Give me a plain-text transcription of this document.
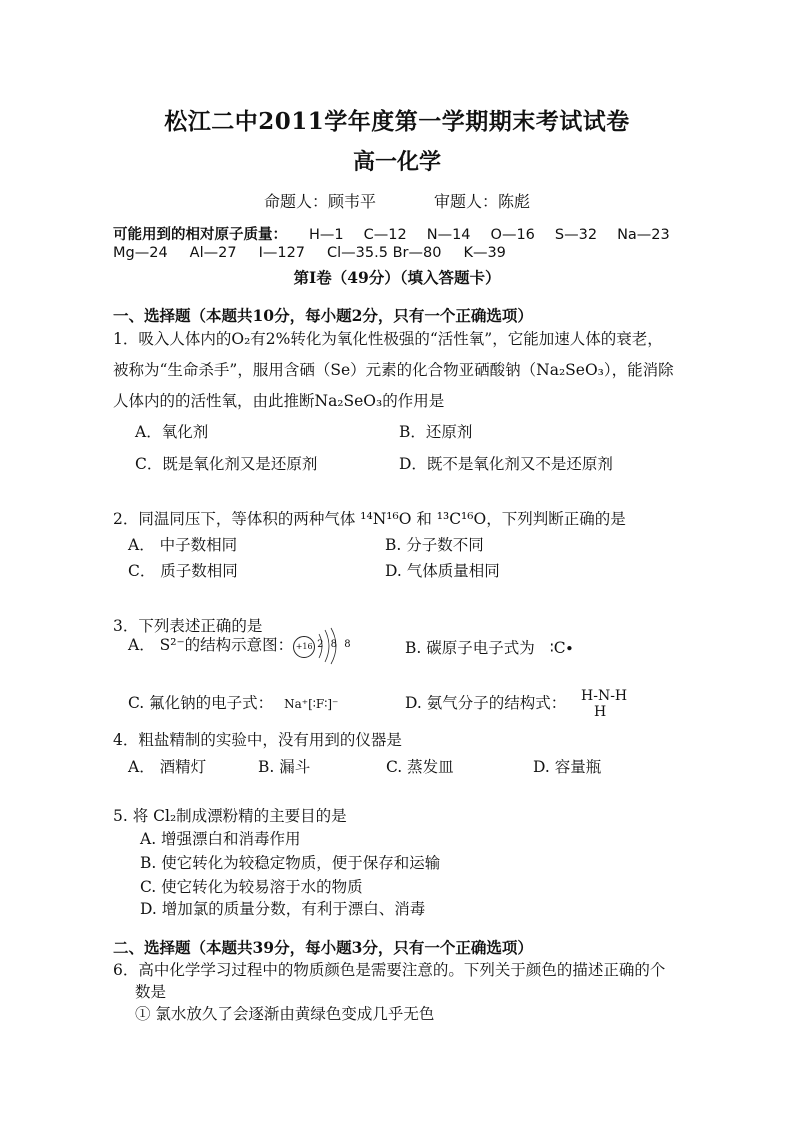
松江二中2011学年度第一学期期末考试试卷
高一化学
命题人：顾韦平	审题人：陈彪
可能用到的相对原子质量： H—1 C—12 N—14 O—16 S—32 Na—23
Mg—24 Al—27 I—127 Cl—35.5 Br—80 K—39
第Ⅰ卷（49分）（填入答题卡）
一、选择题（本题共10分，每小题2分，只有一个正确选项）
1．吸入人体内的O₂有2%转化为氧化性极强的“活性氧”，它能加速人体的衰老，
被称为“生命杀手”，服用含硒（Se）元素的化合物亚硒酸钠（Na₂SeO₃），能消除
人体内的的活性氧，由此推断Na₂SeO₃的作用是
A．氧化剂	B．还原剂
C．既是氧化剂又是还原剂	D．既不是氧化剂又不是还原剂
2．同温同压下，等体积的两种气体 ¹⁴N¹⁶O 和 ¹³C¹⁶O，下列判断正确的是
A． 中子数相同	B. 分子数不同
C． 质子数相同	D. 气体质量相同
3．下列表述正确的是
A． S²⁻的结构示意图： +16 2 8 8	B. 碳原子电子式为 ∶C∙
C. 氟化钠的电子式： Na⁺[∶F∶]⁻	D. 氨气分子的结构式： H-N-H
H
4．粗盐精制的实验中，没有用到的仪器是
A． 酒精灯	B. 漏斗	C. 蒸发皿	D. 容量瓶
5. 将 Cl₂制成漂粉精的主要目的是
A. 增强漂白和消毒作用
B. 使它转化为较稳定物质，便于保存和运输
C. 使它转化为较易溶于水的物质
D. 增加氯的质量分数，有利于漂白、消毒
二、选择题（本题共39分，每小题3分，只有一个正确选项）
6．高中化学学习过程中的物质颜色是需要注意的。下列关于颜色的描述正确的个
数是
① 氯水放久了会逐渐由黄绿色变成几乎无色
